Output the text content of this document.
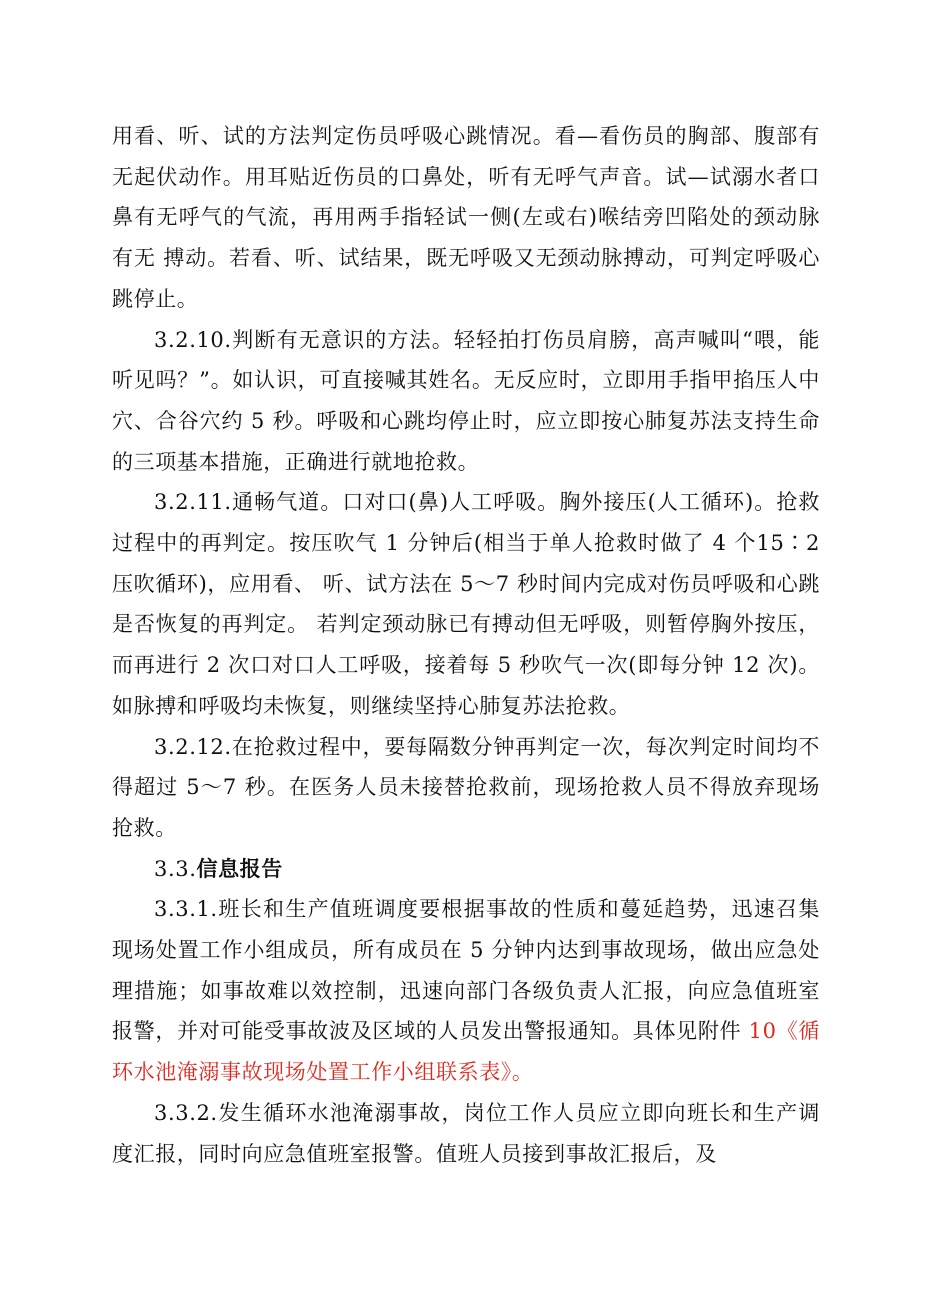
用看、听、试的方法判定伤员呼吸心跳情况。看—看伤员的胸部、腹部有无起伏动作。用耳贴近伤员的口鼻处，听有无呼气声音。试—试溺水者口鼻有无呼气的气流，再用两手指轻试一侧(左或右)喉结旁凹陷处的颈动脉有无 搏动。若看、听、试结果，既无呼吸又无颈动脉搏动，可判定呼吸心跳停止。

3.2.10.判断有无意识的方法。轻轻拍打伤员肩膀，高声喊叫“喂，能听见吗？”。如认识，可直接喊其姓名。无反应时，立即用手指甲掐压人中穴、合谷穴约 5 秒。呼吸和心跳均停止时，应立即按心肺复苏法支持生命的三项基本措施，正确进行就地抢救。

3.2.11.通畅气道。口对口(鼻)人工呼吸。胸外接压(人工循环)。抢救过程中的再判定。按压吹气 1 分钟后(相当于单人抢救时做了 4 个15∶2 压吹循环)，应用看、 听、试方法在 5～7 秒时间内完成对伤员呼吸和心跳是否恢复的再判定。 若判定颈动脉已有搏动但无呼吸，则暂停胸外按压，而再进行 2 次口对口人工呼吸，接着每 5 秒吹气一次(即每分钟 12 次)。如脉搏和呼吸均未恢复，则继续坚持心肺复苏法抢救。

3.2.12.在抢救过程中，要每隔数分钟再判定一次，每次判定时间均不得超过 5～7 秒。在医务人员未接替抢救前，现场抢救人员不得放弃现场抢救。

3.3.信息报告

3.3.1.班长和生产值班调度要根据事故的性质和蔓延趋势，迅速召集现场处置工作小组成员，所有成员在 5 分钟内达到事故现场，做出应急处理措施；如事故难以效控制，迅速向部门各级负责人汇报，向应急值班室报警，并对可能受事故波及区域的人员发出警报通知。具体见附件 10《循环水池淹溺事故现场处置工作小组联系表》。

3.3.2.发生循环水池淹溺事故，岗位工作人员应立即向班长和生产调度汇报，同时向应急值班室报警。值班人员接到事故汇报后，及
